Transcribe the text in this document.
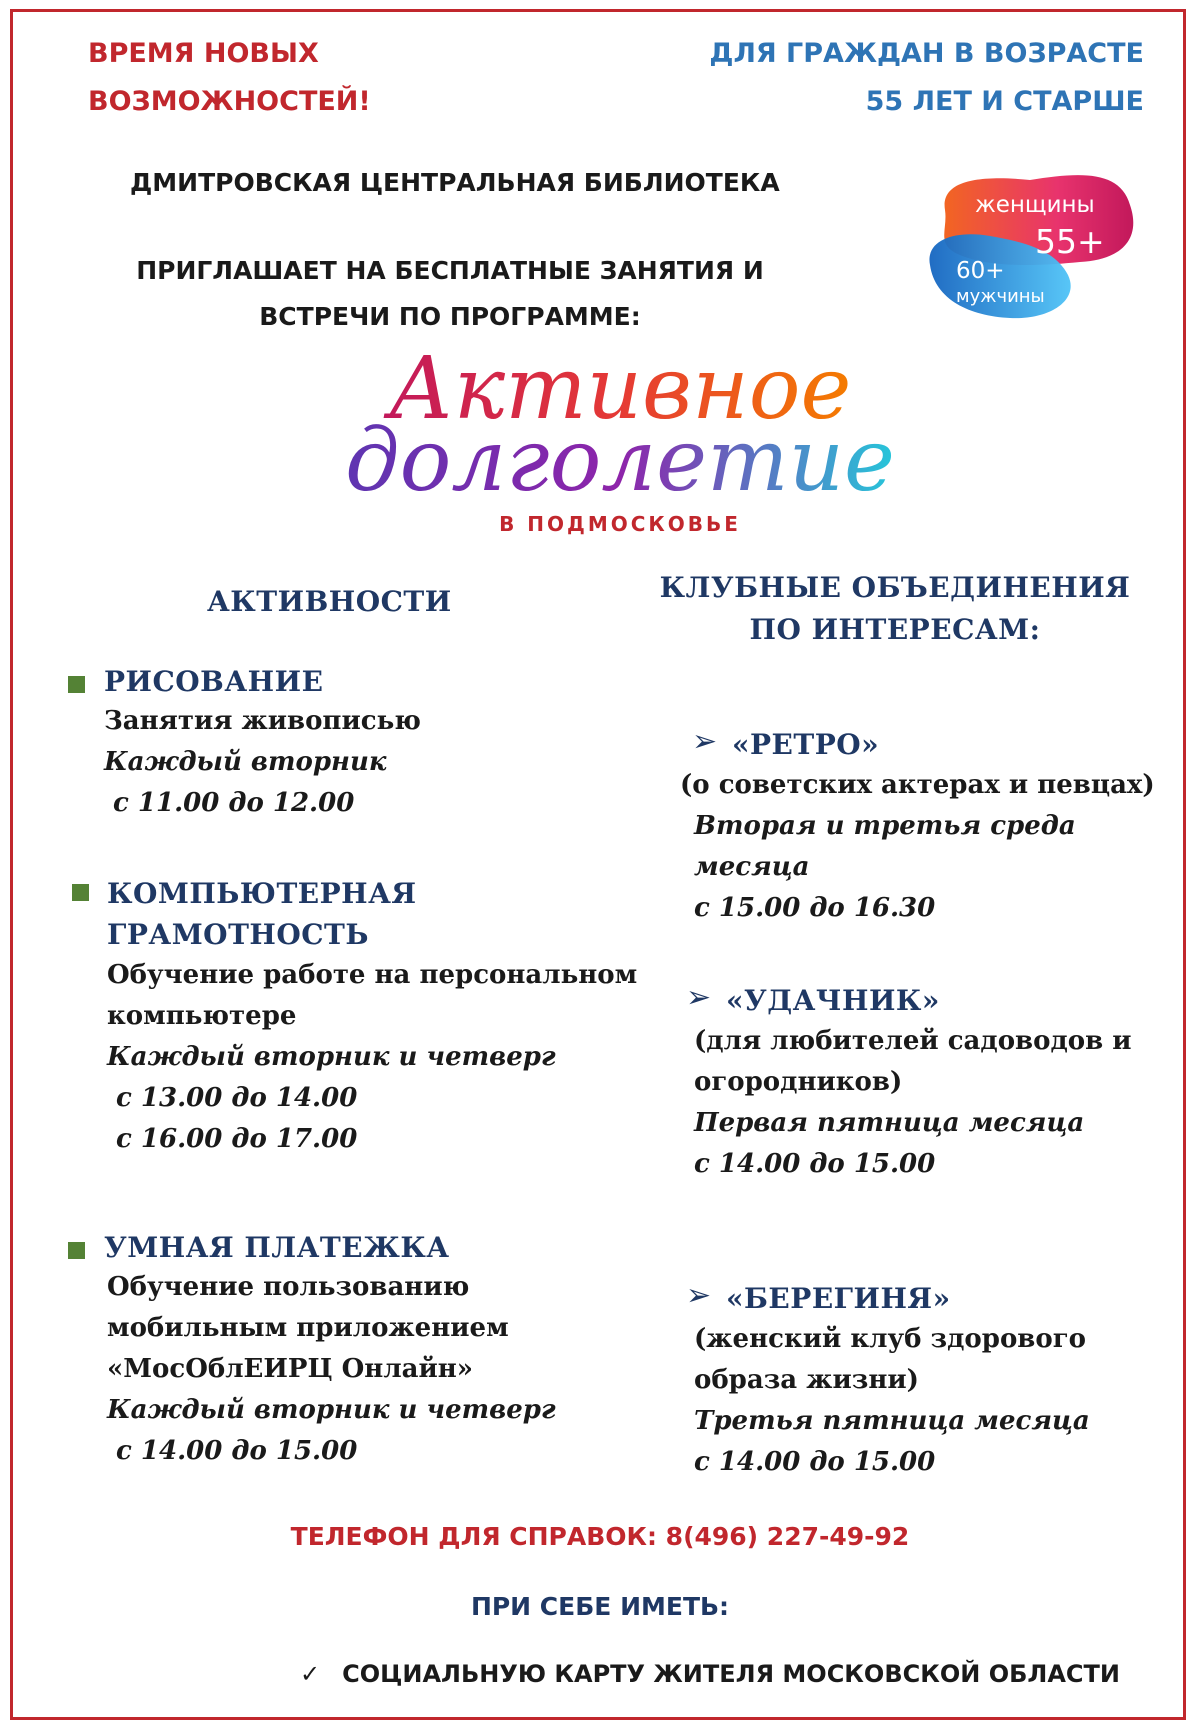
ВРЕМЯ НОВЫХ
ВОЗМОЖНОСТЕЙ!
ДЛЯ ГРАЖДАН В ВОЗРАСТЕ
55 ЛЕТ И СТАРШЕ
ДМИТРОВСКАЯ ЦЕНТРАЛЬНАЯ БИБЛИОТЕКА
ПРИГЛАШАЕТ НА БЕСПЛАТНЫЕ ЗАНЯТИЯ И
ВСТРЕЧИ ПО ПРОГРАММЕ:
женщины
55+
60+
мужчины
Активное
долголетие
В ПОДМОСКОВЬЕ
АКТИВНОСТИ
РИСОВАНИЕ
Занятия живописью
Каждый вторник
с 11.00 до 12.00
КОМПЬЮТЕРНАЯ
ГРАМОТНОСТЬ
Обучение работе на персональном
компьютере
Каждый вторник и четверг
с 13.00 до 14.00
с 16.00 до 17.00
УМНАЯ ПЛАТЕЖКА
Обучение пользованию
мобильным приложением
«МосОблЕИРЦ Онлайн»
Каждый вторник и четверг
с 14.00 до 15.00
КЛУБНЫЕ ОБЪЕДИНЕНИЯ
ПО ИНТЕРЕСАМ:
➢ «РЕТРО»
(о советских актерах и певцах)
Вторая и третья среда месяца
с 15.00 до 16.30
➢ «УДАЧНИК»
(для любителей садоводов и
огородников)
Первая пятница месяца
с 14.00 до 15.00
➢ «БЕРЕГИНЯ»
(женский клуб здорового
образа жизни)
Третья пятница месяца
с 14.00 до 15.00
ТЕЛЕФОН ДЛЯ СПРАВОК: 8(496) 227-49-92
ПРИ СЕБЕ ИМЕТЬ:
✓ СОЦИАЛЬНУЮ КАРТУ ЖИТЕЛЯ МОСКОВСКОЙ ОБЛАСТИ
